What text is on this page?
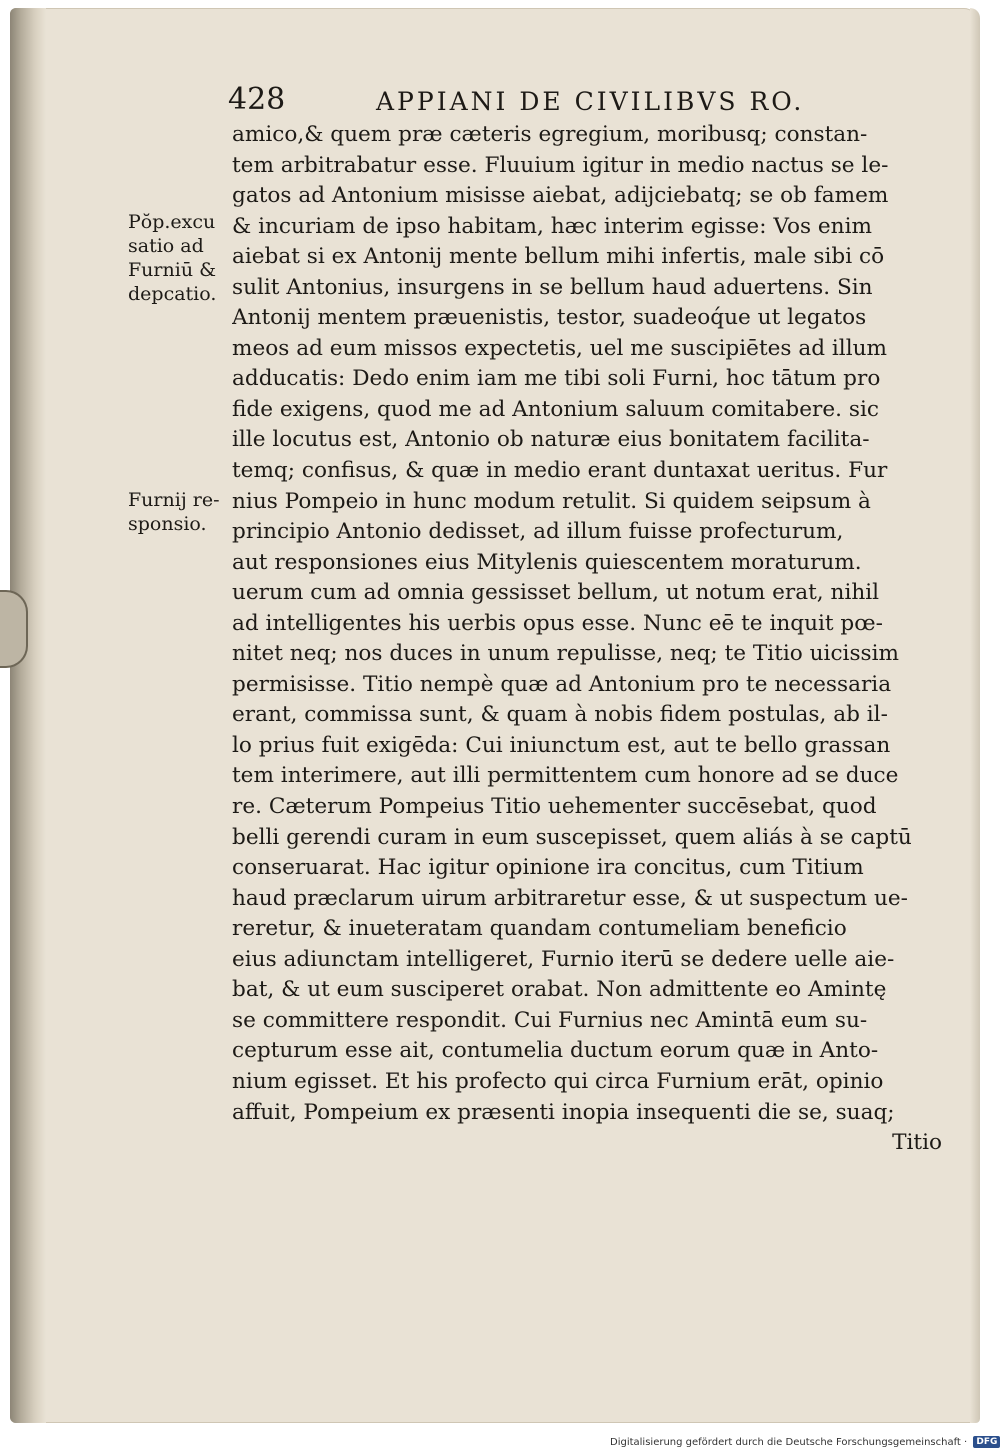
428	APPIANI DE CIVILIBVS RO.
Pŏp.excu
satio ad
Furniū &
depcatio.
Furnij re-
sponsio.
amico,& quem præ cæteris egregium, moribusq; constan-
tem arbitrabatur esse. Fluuium igitur in medio nactus se le-
gatos ad Antonium misisse aiebat, adijciebatq; se ob famem
& incuriam de ipso habitam, hæc interim egisse: Vos enim
aiebat si ex Antonij mente bellum mihi infertis, male sibi cō
sulit Antonius, insurgens in se bellum haud aduertens. Sin
Antonij mentem præuenistis, testor, suadeoq́ue ut legatos
meos ad eum missos expectetis, uel me suscipiētes ad illum
adducatis: Dedo enim iam me tibi soli Furni, hoc tātum pro
fide exigens, quod me ad Antonium saluum comitabere. sic
ille locutus est, Antonio ob naturæ eius bonitatem facilita-
temq; confisus, & quæ in medio erant duntaxat ueritus. Fur
nius Pompeio in hunc modum retulit. Si quidem seipsum à
principio Antonio dedisset, ad illum fuisse profecturum,
aut responsiones eius Mitylenis quiescentem moraturum.
uerum cum ad omnia gessisset bellum, ut notum erat, nihil
ad intelligentes his uerbis opus esse. Nunc eē te inquit pœ-
nitet neq; nos duces in unum repulisse, neq; te Titio uicissim
permisisse. Titio nempè quæ ad Antonium pro te necessaria
erant, commissa sunt, & quam à nobis fidem postulas, ab il-
lo prius fuit exigēda: Cui iniunctum est, aut te bello grassan
tem interimere, aut illi permittentem cum honore ad se duce
re. Cæterum Pompeius Titio uehementer succēsebat, quod
belli gerendi curam in eum suscepisset, quem aliás à se captū
conseruarat. Hac igitur opinione ira concitus, cum Titium
haud præclarum uirum arbitraretur esse, & ut suspectum ue-
reretur, & inueteratam quandam contumeliam beneficio
eius adiunctam intelligeret, Furnio iterū se dedere uelle aie-
bat, & ut eum susciperet orabat. Non admittente eo Amintę
se committere respondit. Cui Furnius nec Amintā eum su-
cepturum esse ait, contumelia ductum eorum quæ in Anto-
nium egisset. Et his profecto qui circa Furnium erāt, opinio
affuit, Pompeium ex præsenti inopia insequenti die se, suaq;
Titio
Digitalisierung gefördert durch die Deutsche Forschungsgemeinschaft · DFG
